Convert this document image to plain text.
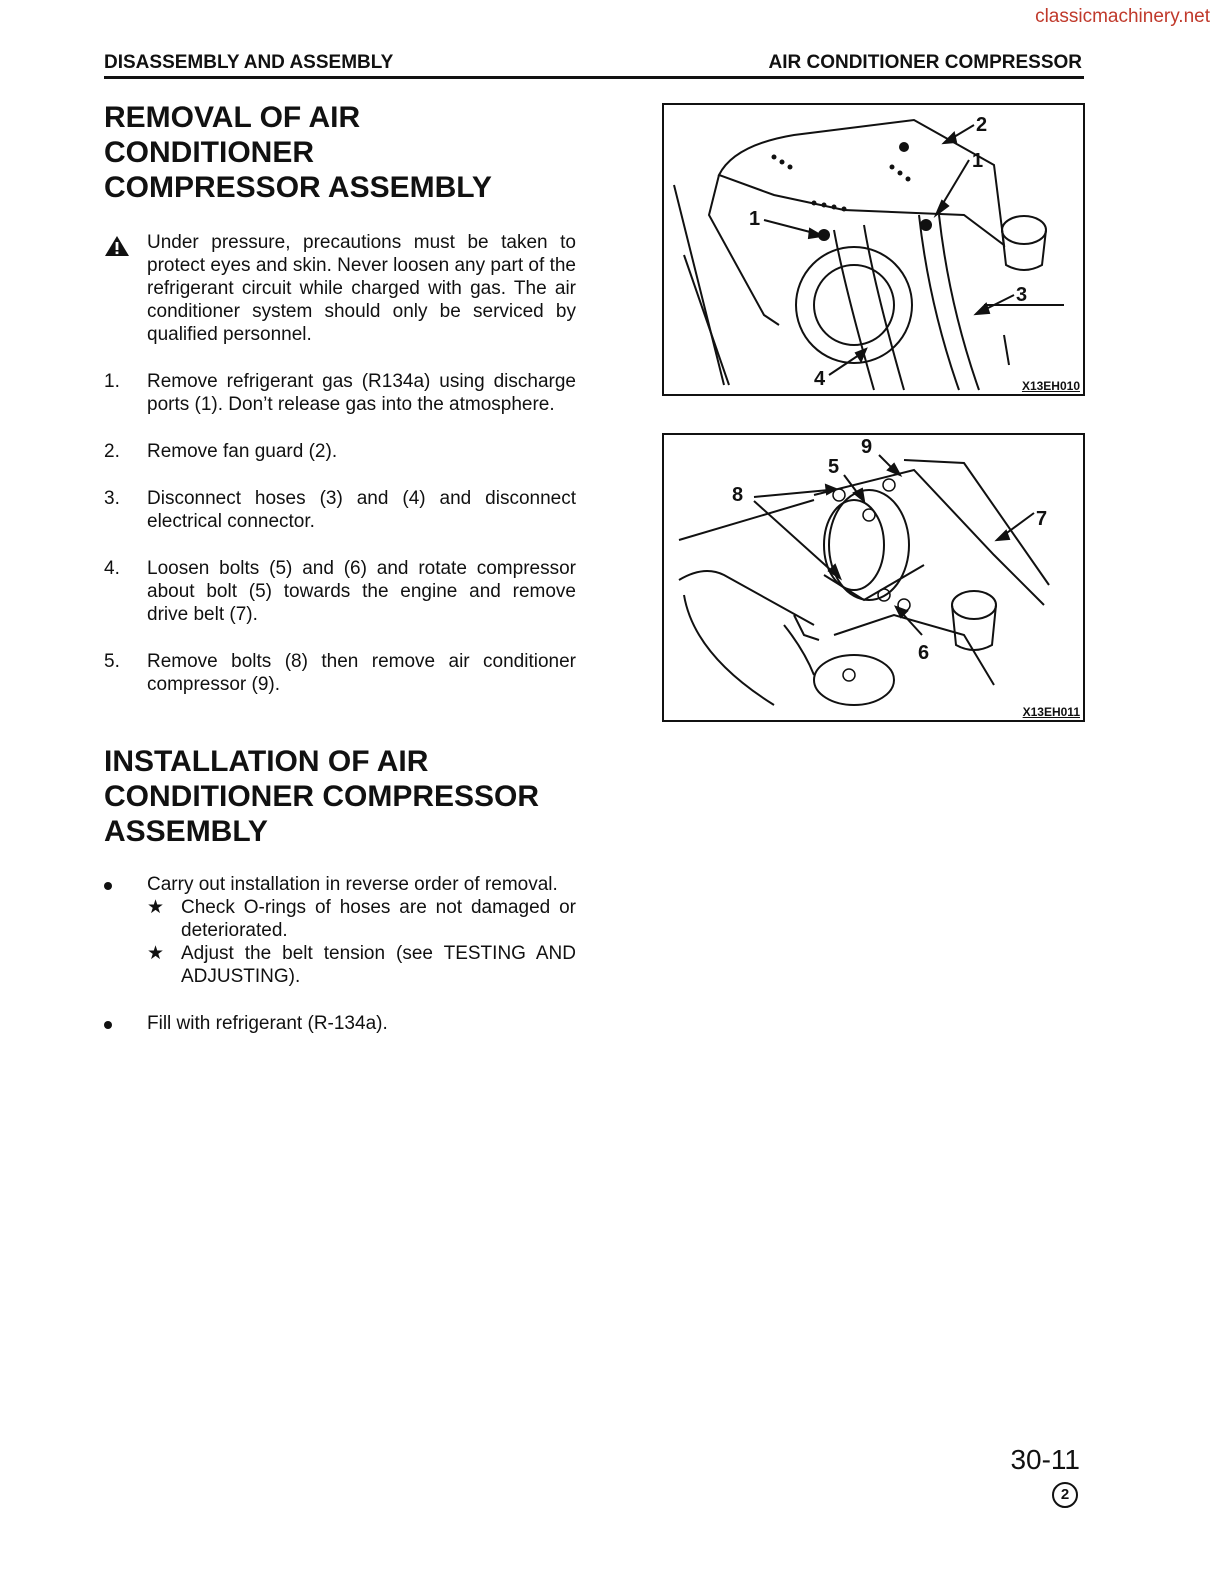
classicmachinery.net
DISASSEMBLY AND ASSEMBLY	AIR CONDITIONER COMPRESSOR
REMOVAL OF AIR CONDITIONER
COMPRESSOR ASSEMBLY
Under pressure, precautions must be taken to protect eyes and skin. Never loosen any part of the refrigerant circuit while charged with gas. The air conditioner system should only be serviced by qualified personnel.
1. Remove refrigerant gas (R134a) using discharge ports (1). Don’t release gas into the atmosphere.
2. Remove fan guard (2).
3. Disconnect hoses (3) and (4) and disconnect electrical connector.
4. Loosen bolts (5) and (6) and rotate compressor about bolt (5) towards the engine and remove drive belt (7).
5. Remove bolts (8) then remove air conditioner compressor (9).
INSTALLATION OF AIR
CONDITIONER COMPRESSOR
ASSEMBLY
Carry out installation in reverse order of removal.
★ Check O-rings of hoses are not damaged or deteriorated.
★ Adjust the belt tension (see TESTING AND ADJUSTING).
Fill with refrigerant (R-134a).
2
1
1
3
4	X13EH010
9
5
8
7
6
X13EH011
30-11
2
